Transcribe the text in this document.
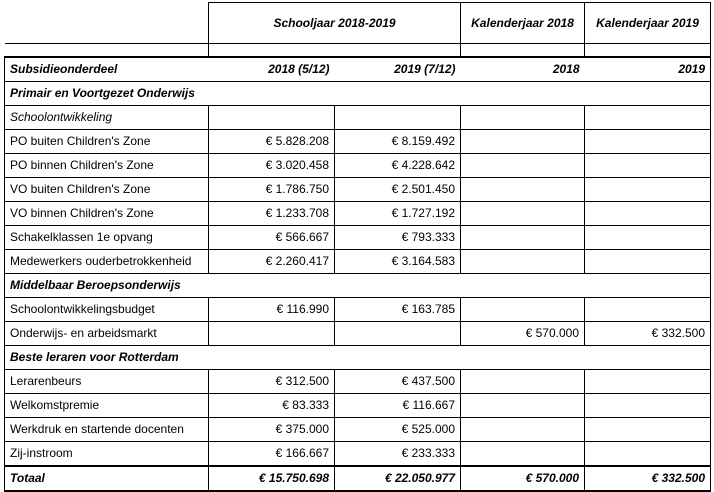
	Schooljaar 2018-2019		Kalenderjaar 2018	Kalenderjaar 2019

Subsidieonderdeel	2018 (5/12)	2019 (7/12)	2018	2019
Primair en Voortgezet Onderwijs				
Schoolontwikkeling				
PO buiten Children's Zone	€ 5.828.208	€ 8.159.492		
PO binnen Children's Zone	€ 3.020.458	€ 4.228.642		
VO buiten Children's Zone	€ 1.786.750	€ 2.501.450		
VO binnen Children's Zone	€ 1.233.708	€ 1.727.192		
Schakelklassen 1e opvang	€ 566.667	€ 793.333		
Medewerkers ouderbetrokkenheid	€ 2.260.417	€ 3.164.583		
Middelbaar Beroepsonderwijs				
Schoolontwikkelingsbudget	€ 116.990	€ 163.785		
Onderwijs- en arbeidsmarkt			€ 570.000	€ 332.500
Beste leraren voor Rotterdam				
Lerarenbeurs	€ 312.500	€ 437.500		
Welkomstpremie	€ 83.333	€ 116.667		
Werkdruk en startende docenten	€ 375.000	€ 525.000		
Zij-instroom	€ 166.667	€ 233.333		
Totaal	€ 15.750.698	€ 22.050.977	€ 570.000	€ 332.500
